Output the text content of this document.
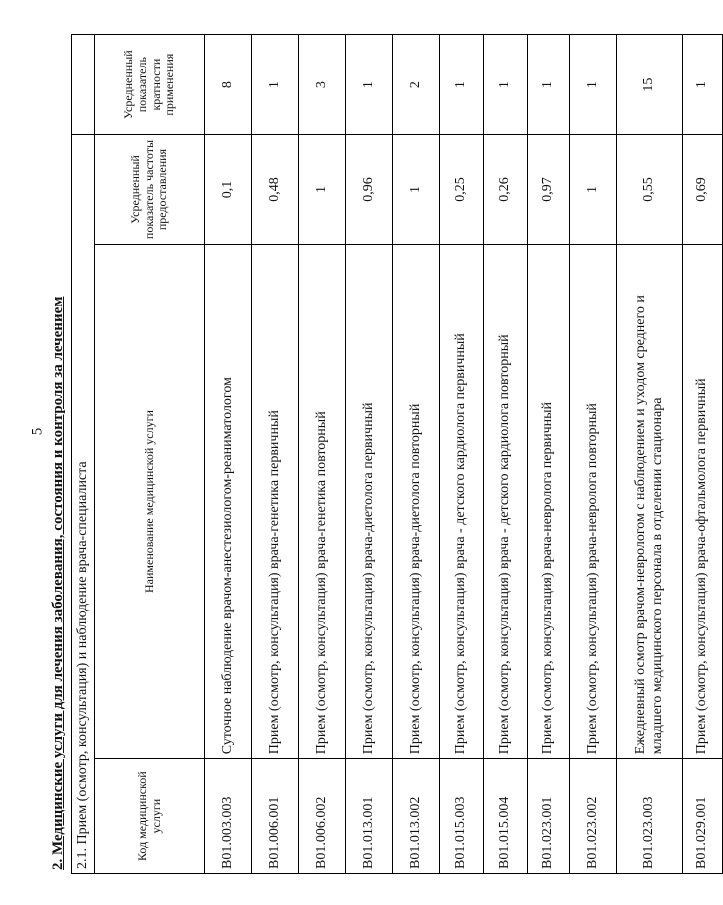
5 2. Медицинские услуги для лечения заболевания, состояния и контроля за лечением 2.1. Прием (осмотр, консультация) и наблюдение врача-специалиста			
Код медицинской услуги	Наименование медицинской услуги	Усредненный показатель частоты предоставления	Усредненный показатель кратности применения
B01.003.003	Суточное наблюдение врачом-анестезиологом-реаниматологом	0,1	8
B01.006.001	Прием (осмотр, консультация) врача-генетика первичный	0,48	1
B01.006.002	Прием (осмотр, консультация) врача-генетика повторный	1	3
B01.013.001	Прием (осмотр, консультация) врача-диетолога первичный	0,96	1
B01.013.002	Прием (осмотр, консультация) врача-диетолога повторный	1	2
B01.015.003	Прием (осмотр, консультация) врача - детского кардиолога первичный	0,25	1
B01.015.004	Прием (осмотр, консультация) врача - детского кардиолога повторный	0,26	1
B01.023.001	Прием (осмотр, консультация) врача-невролога первичный	0,97	1
B01.023.002	Прием (осмотр, консультация) врача-невролога повторный	1	1
B01.023.003	Ежедневный осмотр врачом-неврологом с наблюдением и уходом среднего и младшего медицинского персонала в отделении стационара	0,55	15
B01.029.001	Прием (осмотр, консультация) врача-офтальмолога первичный	0,69	1
